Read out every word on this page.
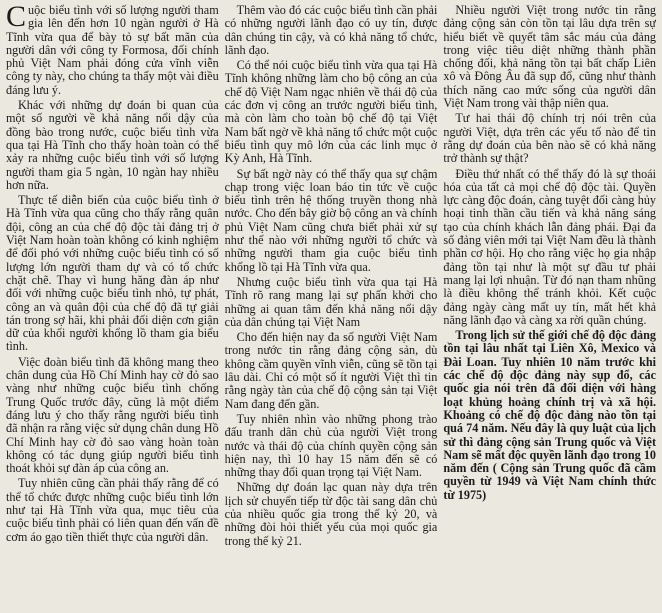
Cuộc biểu tình với số lượng người tham gia lên đến hơn 10 ngàn người ở Hà Tĩnh vừa qua để bày tỏ sự bất mãn của người dân với công ty Formosa, đối chính phủ Việt Nam phải đóng cửa vĩnh viễn công ty này, cho chúng ta thấy một vài điều đáng lưu ý.

Khác với những dự đoán bi quan của một số người về khả năng nổi dậy của đồng bào trong nước, cuộc biểu tình vừa qua tại Hà Tĩnh cho thấy hoàn toàn có thể xảy ra những cuộc biểu tình với số lượng người tham gia 5 ngàn, 10 ngàn hay nhiều hơn nữa.

Thực tế diễn biến của cuộc biểu tình ở Hà Tĩnh vừa qua cũng cho thấy rằng quân đội, công an của chế độ độc tài đảng trị ở Việt Nam hoàn toàn không có kinh nghiệm để đối phó với những cuộc biểu tình có số lượng lớn người tham dự và có tổ chức chặt chẽ. Thay vì hung hăng đàn áp như đối với những cuộc biểu tình nhỏ, tự phát, công an và quân đội của chế độ đã tự giải tán trong sợ hãi, khi phải đối diện cơn giận dữ của khối người khổng lồ tham gia biểu tình.

Việc đoàn biểu tình đã không mang theo chân dung của Hồ Chí Minh hay cờ đỏ sao vàng như những cuộc biểu tình chống Trung Quốc trước đây, cũng là một điểm đáng lưu ý cho thấy rằng người biểu tình đã nhận ra rằng việc sử dụng chân dung Hồ Chí Minh hay cờ đỏ sao vàng hoàn toàn không có tác dụng giúp người biểu tình thoát khỏi sự đàn áp của công an.

Tuy nhiên cũng cần phải thấy rằng để có thể tổ chức được những cuộc biểu tình lớn như tại Hà Tĩnh vừa qua, mục tiêu của cuộc biểu tình phải có liên quan đến vấn đề cơm áo gạo tiền thiết thực của người dân.

Thêm vào đó các cuộc biểu tình cần phải có những người lãnh đạo có uy tín, được dân chúng tin cậy, và có khả năng tổ chức, lãnh đạo.

Có thể nói cuộc biểu tình vừa qua tại Hà Tĩnh không những làm cho bộ công an của chế độ Việt Nam ngạc nhiên về thái độ của các đơn vị công an trước người biểu tình, mà còn làm cho toàn bộ chế độ tại Việt Nam bất ngờ về khả năng tổ chức một cuộc biểu tình quy mô lớn của các linh mục ở Kỳ Anh, Hà Tĩnh.

Sự bất ngờ này có thể thấy qua sự chậm chạp trong việc loan báo tin tức về cuộc biểu tình trên hệ thống truyền thong nhà nước. Cho đến bây giờ bộ công an và chính phủ Việt Nam cũng chưa biết phải xử sự như thế nào với những người tổ chức và những người tham gia cuộc biểu tình khổng lồ tại Hà Tĩnh vừa qua.

Nhưng cuộc biểu tình vừa qua tại Hà Tĩnh rõ rang mang lại sự phấn khởi cho những ai quan tâm đến khả năng nổi dậy của dân chúng tại Việt Nam

Cho đến hiện nay đa số người Việt Nam trong nước tin rằng đảng cộng sản, dù không cầm quyền vĩnh viễn, cũng sẽ tồn tại lâu dài. Chỉ có một số ít người Việt thì tin rằng ngày tàn của chế độ cộng sản tại Việt Nam đang đến gần.

Tuy nhiên nhìn vào những phong trào đấu tranh dân chủ của người Việt trong nước và thái độ của chính quyền cộng sản hiện nay, thì 10 hay 15 năm đến sẽ có những thay đổi quan trọng tại Việt Nam.

Những dự đoán lạc quan này dựa trên lịch sử chuyển tiếp từ độc tài sang dân chủ của nhiều quốc gia trong thế kỷ 20, và những đòi hỏi thiết yếu của mọi quốc gia trong thế kỷ 21.

Nhiều người Việt trong nước tin rằng đảng cộng sản còn tồn tại lâu dựa trên sự hiểu biết về quyết tâm sắc máu của đảng trong việc tiêu diệt những thành phần chống đối, khả năng tồn tại bất chấp Liên xô và Đông Âu đã sụp đổ, cũng như thành thích năng cao mức sống của người dân Việt Nam trong vài thập niên qua.

Tư hai thái độ chính trị nói trên của người Việt, dựa trên các yếu tố nào để tin rằng dự đoán của bên nào sẽ có khả năng trở thành sự thật?

Điều thứ nhất có thể thấy đó là sự thoái hóa của tất cả mọi chế độ độc tài. Quyền lực càng độc đoán, càng tuyệt đối càng hủy hoại tinh thần cầu tiến và khả năng sáng tạo của chính khách lẫn đảng phái. Đại đa số đảng viên mới tại Việt Nam đều là thành phần cơ hội. Họ cho rằng việc họ gia nhập đảng tồn tại như là một sự đầu tư phải mang lại lợi nhuận. Từ đó nạn tham nhũng là điều không thể tránh khỏi. Kết cuộc đảng ngày càng mất uy tín, mất hết khả năng lãnh đạo và càng xa rời quần chúng.

Trong lịch sử thế giới chế độ độc đảng tồn tại lâu nhất tại Liên Xô, Mexico và Đài Loan. Tuy nhiên 10 năm trước khi các chế độ độc đảng này sụp đổ, các quốc gia nói trên đã đối diện với hàng loạt khủng hoảng chính trị và xã hội. Khoảng có chế độ độc đảng nào tồn tại quá 74 năm. Nếu đây là quy luật của lịch sử thì đảng cộng sản Trung quốc và Việt Nam sẽ mất độc quyền lãnh đạo trong 10 năm đến ( Cộng sản Trung quốc đã cầm quyền từ 1949 và Việt Nam chính thức từ 1975)
